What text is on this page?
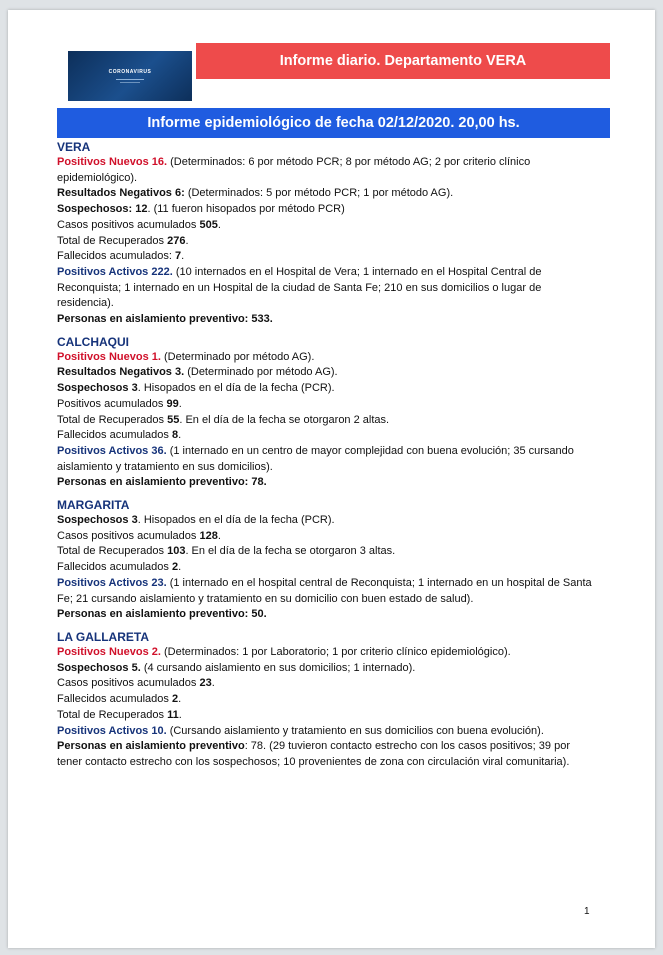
CORONAVIRUS
Informe diario. Departamento VERA
Informe epidemiológico de fecha 02/12/2020. 20,00 hs.
VERA
Positivos Nuevos 16. (Determinados: 6 por método PCR; 8 por método AG; 2 por criterio clínico epidemiológico).
Resultados Negativos 6: (Determinados: 5 por método PCR; 1 por método AG).
Sospechosos: 12. (11 fueron hisopados por método PCR)
Casos positivos acumulados 505.
Total de Recuperados 276.
Fallecidos acumulados: 7.
Positivos Activos 222. (10 internados en el Hospital de Vera; 1 internado en el Hospital Central de Reconquista; 1 internado en un Hospital de la ciudad de Santa Fe; 210 en sus domicilios o lugar de residencia).
Personas en aislamiento preventivo: 533.
CALCHAQUI
Positivos Nuevos 1. (Determinado por método AG).
Resultados Negativos 3. (Determinado por método AG).
Sospechosos 3. Hisopados en el día de la fecha (PCR).
Positivos acumulados 99.
Total de Recuperados 55. En el día de la fecha se otorgaron 2 altas.
Fallecidos acumulados 8.
Positivos Activos 36. (1 internado en un centro de mayor complejidad con buena evolución; 35 cursando aislamiento y tratamiento en sus domicilios).
Personas en aislamiento preventivo: 78.
MARGARITA
Sospechosos 3. Hisopados en el día de la fecha (PCR).
Casos positivos acumulados 128.
Total de Recuperados 103. En el día de la fecha se otorgaron 3 altas.
Fallecidos acumulados 2.
Positivos Activos 23. (1 internado en el hospital central de Reconquista; 1 internado en un hospital de Santa Fe; 21 cursando aislamiento y tratamiento en su domicilio con buen estado de salud).
Personas en aislamiento preventivo: 50.
LA GALLARETA
Positivos Nuevos 2. (Determinados: 1 por Laboratorio; 1 por criterio clínico epidemiológico).
Sospechosos 5. (4 cursando aislamiento en sus domicilios; 1 internado).
Casos positivos acumulados 23.
Fallecidos acumulados 2.
Total de Recuperados 11.
Positivos Activos 10. (Cursando aislamiento y tratamiento en sus domicilios con buena evolución).
Personas en aislamiento preventivo: 78. (29 tuvieron contacto estrecho con los casos positivos; 39 por tener contacto estrecho con los sospechosos; 10 provenientes de zona con circulación viral comunitaria).
1
